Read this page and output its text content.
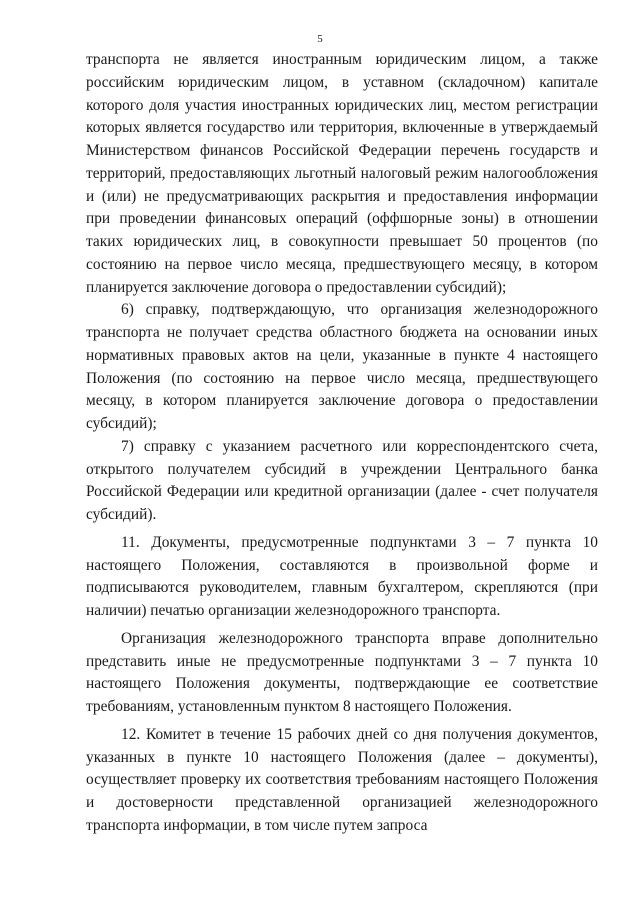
5

транспорта не является иностранным юридическим лицом, а также российским юридическим лицом, в уставном (складочном) капитале которого доля участия иностранных юридических лиц, местом регистрации которых является государство или территория, включенные в утверждаемый Министерством финансов Российской Федерации перечень государств и территорий, предоставляющих льготный налоговый режим налогообложения и (или) не предусматривающих раскрытия и предоставления информации при проведении финансовых операций (оффшорные зоны) в отношении таких юридических лиц, в совокупности превышает 50 процентов (по состоянию на первое число месяца, предшествующего месяцу, в котором планируется заключение договора о предоставлении субсидий);

6) справку, подтверждающую, что организация железнодорожного транспорта не получает средства областного бюджета на основании иных нормативных правовых актов на цели, указанные в пункте 4 настоящего Положения (по состоянию на первое число месяца, предшествующего месяцу, в котором планируется заключение договора о предоставлении субсидий);

7) справку с указанием расчетного или корреспондентского счета, открытого получателем субсидий в учреждении Центрального банка Российской Федерации или кредитной организации (далее - счет получателя субсидий).

11. Документы, предусмотренные подпунктами 3 – 7 пункта 10 настоящего Положения, составляются в произвольной форме и подписываются руководителем, главным бухгалтером, скрепляются (при наличии) печатью организации железнодорожного транспорта.

Организация железнодорожного транспорта вправе дополнительно представить иные не предусмотренные подпунктами 3 – 7 пункта 10 настоящего Положения документы, подтверждающие ее соответствие требованиям, установленным пунктом 8 настоящего Положения.

12. Комитет в течение 15 рабочих дней со дня получения документов, указанных в пункте 10 настоящего Положения (далее – документы), осуществляет проверку их соответствия требованиям настоящего Положения и достоверности представленной организацией железнодорожного транспорта информации, в том числе путем запроса
